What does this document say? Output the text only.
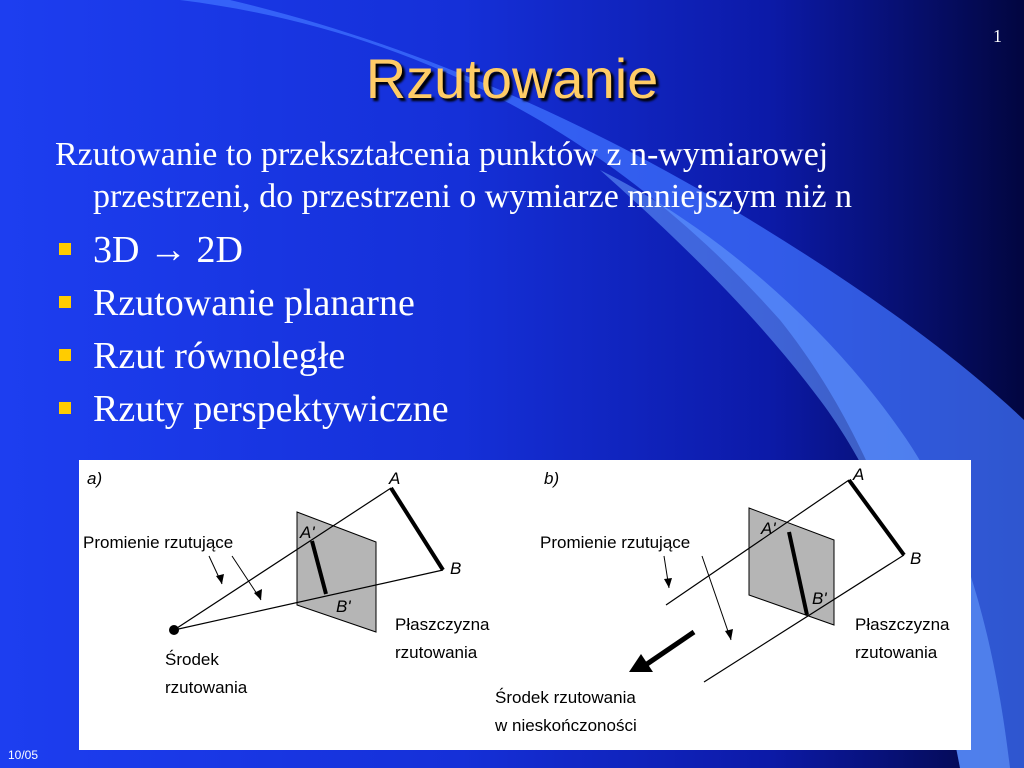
1
Rzutowanie
Rzutowanie to przekształcenia punktów z n-wymiarowej
przestrzeni, do przestrzeni o wymiarze mniejszym niż n
3D → 2D
Rzutowanie planarne
Rzut równoległe
Rzuty perspektywiczne
a)	A
B
A'
B'
Promienie rzutujące
Płaszczyzna
rzutowania
Środek
rzutowania
b)	A
B
A'
B'
Promienie rzutujące
Płaszczyzna
rzutowania
Środek rzutowania
w nieskończoności
10/05
